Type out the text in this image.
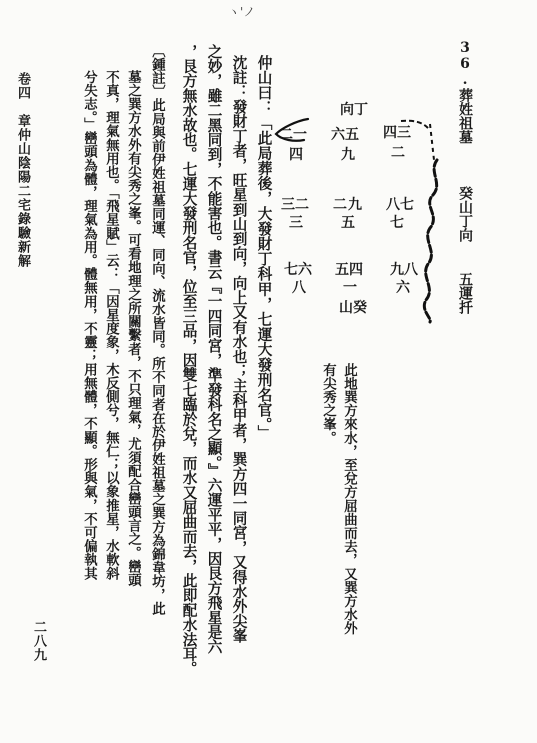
ヽ'ノ
36.葬姓祖墓 癸山丁向 五運扦
向丁
四三
二
六五
九
二一
四
八七
七
九
二
五
三二
三
九八
六
五四
一
七六
八
山癸
此地巽方來水，至兌方屈曲而去，又巽方水外
有尖秀之峯。
仲山曰：「此局葬後，大發財丁科甲，七運大發刑名官。」
沈註：發財丁者，旺星到山到向，向上又有水也；主科甲者，巽方四一同宮，又得水外尖峯
之妙，雖二黑同到，不能害也。書云『一四同宮，準發科名之顯。』六運平平，因艮方飛星是六
，艮方無水故也。七運大發刑名官，位至三品，因雙七臨於兌，而水又屈曲而去，此即配水法耳。
〔鍾註〕此局與前伊姓祖墓同運、同向、流水皆同。所不同者在於伊姓祖墓之巽方為錦韋坊，此
墓之巽方水外有尖秀之峯。可看地理之所關繫者，不只理氣，尤須配合巒頭言之。巒頭
不真，理氣無用也。「飛星賦」云：「因星度象，木反側兮，無仁；以象推星，水軟斜
兮失志。」巒頭為體，理氣為用。體無用，不靈；用無體，不顯。形與氣，不可偏執其
卷四　章仲山陰陽二宅錄驗新解
二八九
